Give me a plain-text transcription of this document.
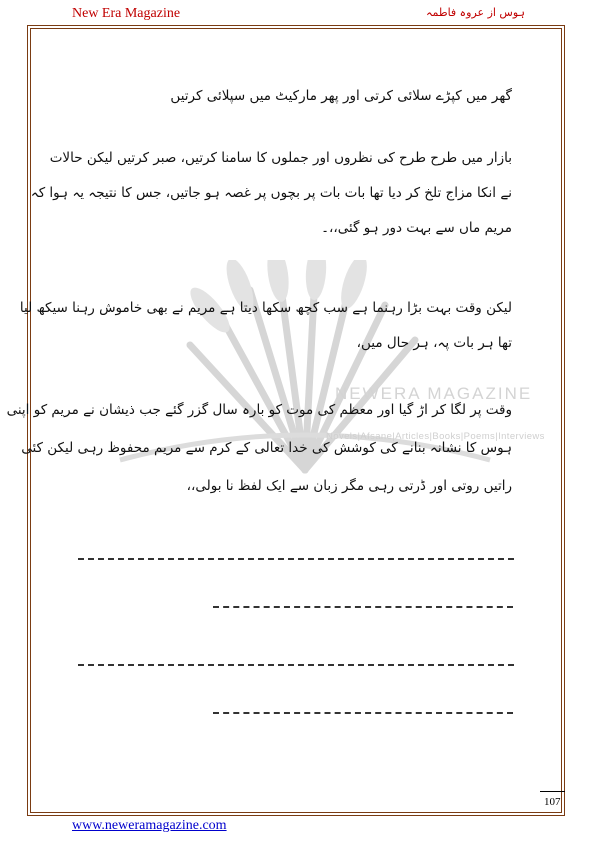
New Era Magazine	ہوس از عروہ فاطمہ
NEWERA MAGAZINE
Novels|Afsane|Articles|Books|Poems|Interviews
گھر میں کپڑے سلائی کرتی اور پھر مارکیٹ میں سپلائی کرتیں
بازار میں طرح طرح کی نظروں اور جملوں کا سامنا کرتیں، صبر کرتیں لیکن حالات
نے انکا مزاج تلخ کر دیا تھا بات بات پر بچوں پر غصہ ہو جاتیں، جس کا نتیجہ یہ ہوا کہ
مریم ماں سے بہت دور ہو گئی،،۔
لیکن وقت بہت بڑا رہنما ہے سب کچھ سکھا دیتا ہے مریم نے بھی خاموش رہنا سیکھ لیا
تھا ہر بات پہ، ہر حال میں،
وقت پر لگا کر اڑ گیا اور معظم کی موت کو بارہ سال گزر گئے جب ذیشان نے مریم کو اپنی
ہوس کا نشانہ بنانے کی کوشش کی خدا تعالی کے کرم سے مریم محفوظ رہی لیکن کئی
راتیں روتی اور ڈرتی رہی مگر زبان سے ایک لفظ نا بولی،،
107
www.neweramagazine.com
